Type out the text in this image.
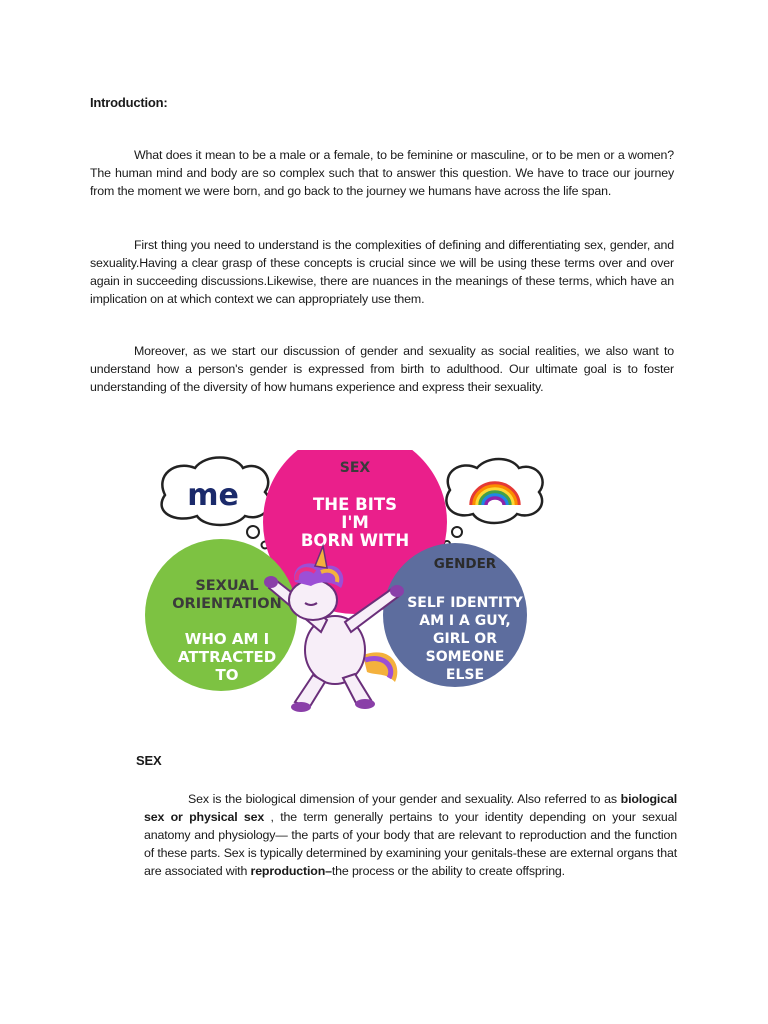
Introduction:
What does it mean to be a male or a female, to be feminine or masculine, or to be men or a women?The human mind and body are so complex such that to answer this question. We have to trace our journey from the moment we were born, and go back to the journey we humans have across the life span.
First thing you need to understand is the complexities of defining and differentiating sex, gender, and sexuality.Having a clear grasp of these concepts is crucial since we will be using these terms over and over again in succeeding discussions.Likewise, there are nuances in the meanings of these terms, which have an implication on at which context we can appropriately use them.
Moreover, as we start our discussion of gender and sexuality as social realities, we also want to understand how a person's gender is expressed from birth to adulthood. Our ultimate goal is to foster understanding of the diversity of how humans experience and express their sexuality.
me
SEX
THE BITS
I'M
BORN WITH
SEXUAL
ORIENTATION
WHO AM I
ATTRACTED
TO
GENDER
SELF IDENTITY
AM I A GUY,
GIRL OR
SOMEONE
ELSE
SEX
Sex is the biological dimension of your gender and sexuality. Also referred to as biological sex or physical sex , the term generally pertains to your identity depending on your sexual anatomy and physiology— the parts of your body that are relevant to reproduction and the function of these parts. Sex is typically determined by examining your genitals-these are external organs that are associated with reproduction–the process or the ability to create offspring.
